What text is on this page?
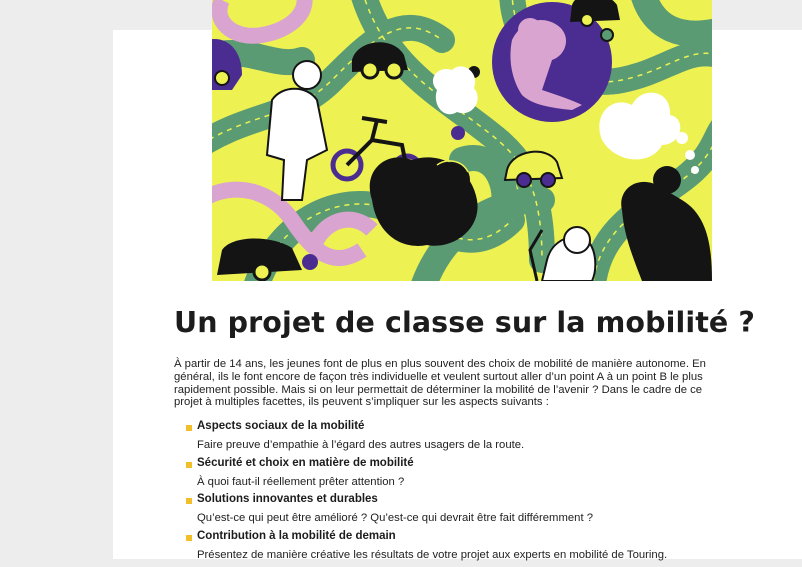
Un projet de classe sur la mobilité ?

À partir de 14 ans, les jeunes font de plus en plus souvent des choix de mobilité de manière autonome. En général, ils le font encore de façon très individuelle et veulent surtout aller d’un point A à un point B le plus rapidement possible. Mais si on leur permettait de déterminer la mobilité de l’avenir ? Dans le cadre de ce projet à multiples facettes, ils peuvent s’impliquer sur les aspects suivants :

Aspects sociaux de la mobilité
Faire preuve d’empathie à l’égard des autres usagers de la route.
Sécurité et choix en matière de mobilité
À quoi faut-il réellement prêter attention ?
Solutions innovantes et durables
Qu’est-ce qui peut être amélioré ? Qu’est-ce qui devrait être fait différemment ?
Contribution à la mobilité de demain
Présentez de manière créative les résultats de votre projet aux experts en mobilité de Touring.
